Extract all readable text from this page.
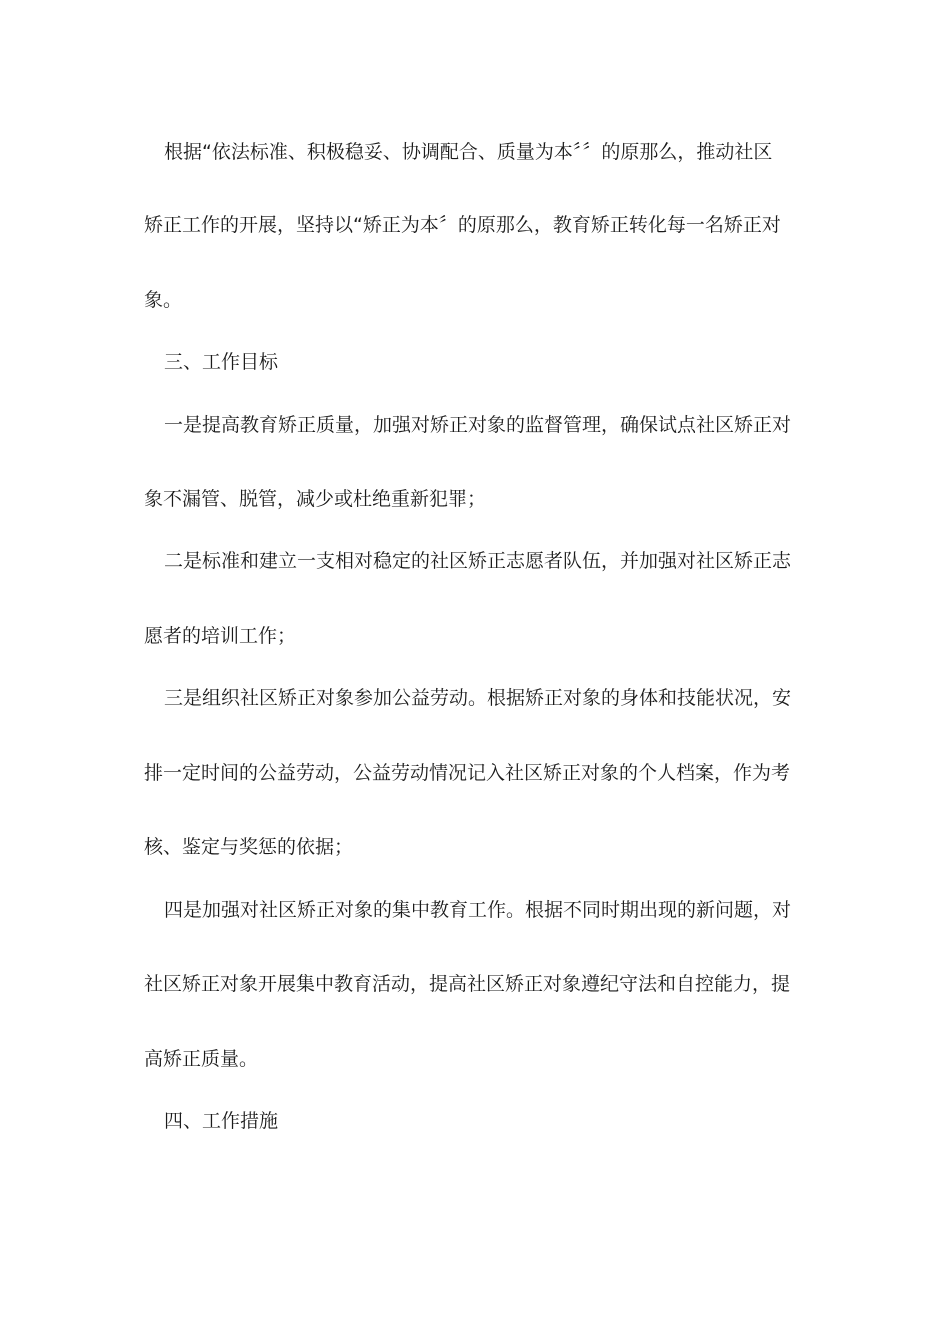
根据“依法标准、积极稳妥、协调配合、质量为本〞〞的原那么，推动社区
矫正工作的开展，坚持以“矫正为本〞的原那么，教育矫正转化每一名矫正对
象。
三、工作目标
一是提高教育矫正质量，加强对矫正对象的监督管理，确保试点社区矫正对
象不漏管、脱管，减少或杜绝重新犯罪；
二是标准和建立一支相对稳定的社区矫正志愿者队伍，并加强对社区矫正志
愿者的培训工作；
三是组织社区矫正对象参加公益劳动。根据矫正对象的身体和技能状况，安
排一定时间的公益劳动，公益劳动情况记入社区矫正对象的个人档案，作为考
核、鉴定与奖惩的依据；
四是加强对社区矫正对象的集中教育工作。根据不同时期出现的新问题，对
社区矫正对象开展集中教育活动，提高社区矫正对象遵纪守法和自控能力，提
高矫正质量。
四、工作措施
